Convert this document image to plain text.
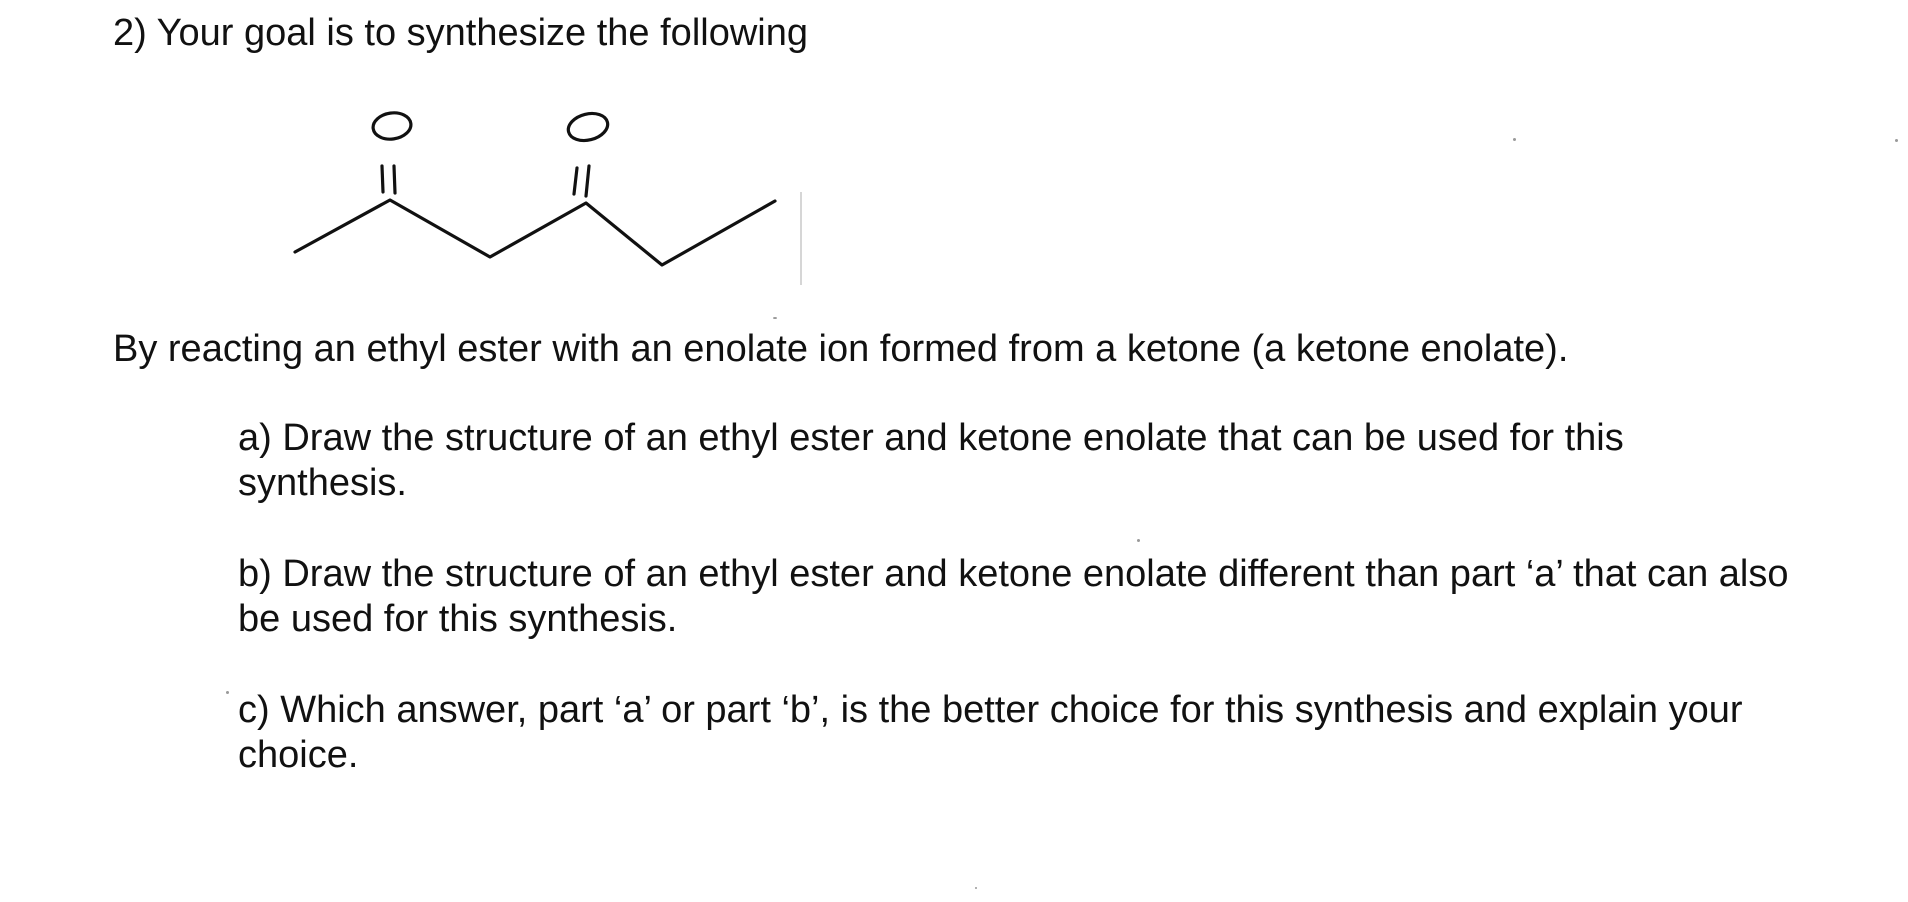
2) Your goal is to synthesize the following
By reacting an ethyl ester with an enolate ion formed from a ketone (a ketone enolate).
a) Draw the structure of an ethyl ester and ketone enolate that can be used for this synthesis.
b) Draw the structure of an ethyl ester and ketone enolate different than part ‘a’ that can also be used for this synthesis.
c) Which answer, part ‘a’ or part ‘b’, is the better choice for this synthesis and explain your choice.
